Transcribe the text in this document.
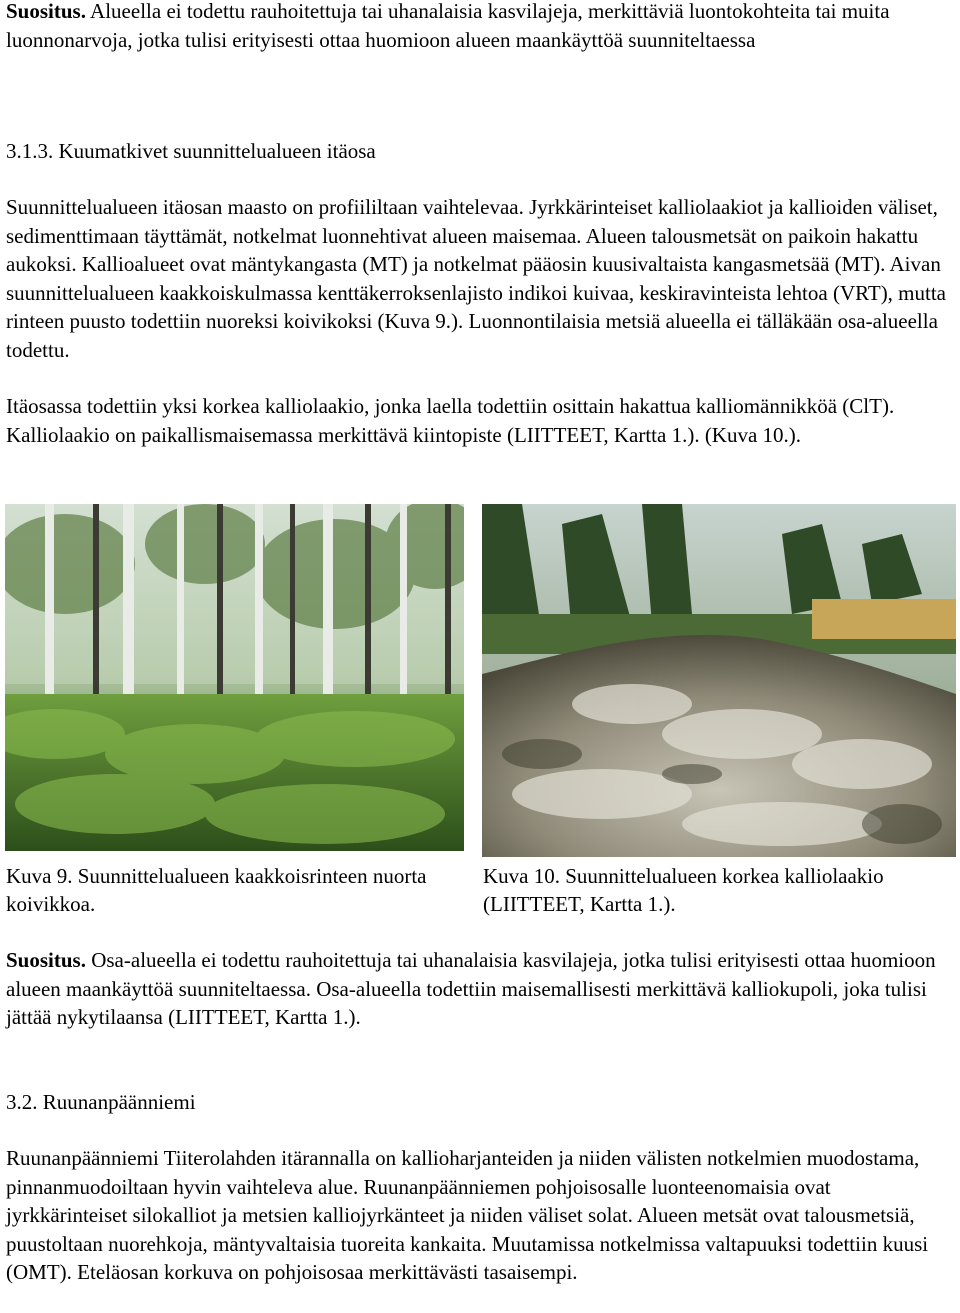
Suositus. Alueella ei todettu rauhoitettuja tai uhanalaisia kasvilajeja, merkittäviä luontokohteita tai muita luonnonarvoja, jotka tulisi erityisesti ottaa huomioon alueen maankäyttöä suunniteltaessa

3.1.3. Kuumatkivet suunnittelualueen itäosa

Suunnittelualueen itäosan maasto on profiililtaan vaihtelevaa. Jyrkkärinteiset kalliolaakiot ja kallioiden väliset, sedimenttimaan täyttämät, notkelmat luonnehtivat alueen maisemaa. Alueen talousmetsät on paikoin hakattu aukoksi. Kallioalueet ovat mäntykangasta (MT) ja notkelmat pääosin kuusivaltaista kangasmetsää (MT). Aivan suunnittelualueen kaakkoiskulmassa kenttäkerroksenlajisto indikoi kuivaa, keskiravinteista lehtoa (VRT), mutta rinteen puusto todettiin nuoreksi koivikoksi (Kuva 9.). Luonnontilaisia metsiä alueella ei tälläkään osa-alueella todettu.

Itäosassa todettiin yksi korkea kalliolaakio, jonka laella todettiin osittain hakattua kalliomännikköä (ClT). Kalliolaakio on paikallismaisemassa merkittävä kiintopiste (LIITTEET, Kartta 1.). (Kuva 10.).

Kuva 9. Suunnittelualueen kaakkoisrinteen nuorta koivikkoa.
Kuva 10. Suunnittelualueen korkea kalliolaakio (LIITTEET, Kartta 1.).

Suositus. Osa-alueella ei todettu rauhoitettuja tai uhanalaisia kasvilajeja, jotka tulisi erityisesti ottaa huomioon alueen maankäyttöä suunniteltaessa. Osa-alueella todettiin maisemallisesti merkittävä kalliokupoli, joka tulisi jättää nykytilaansa (LIITTEET, Kartta 1.).

3.2. Ruunanpäänniemi

Ruunanpäänniemi Tiiterolahden itärannalla on kallioharjanteiden ja niiden välisten notkelmien muodostama, pinnanmuodoiltaan hyvin vaihteleva alue. Ruunanpäänniemen pohjoisosalle luonteenomaisia ovat jyrkkärinteiset silokalliot ja metsien kalliojyrkänteet ja niiden väliset solat. Alueen metsät ovat talousmetsiä, puustoltaan nuorehkoja, mäntyvaltaisia tuoreita kankaita. Muutamissa notkelmissa valtapuuksi todettiin kuusi (OMT). Eteläosan korkuva on pohjoisosaa merkittävästi tasaisempi.
